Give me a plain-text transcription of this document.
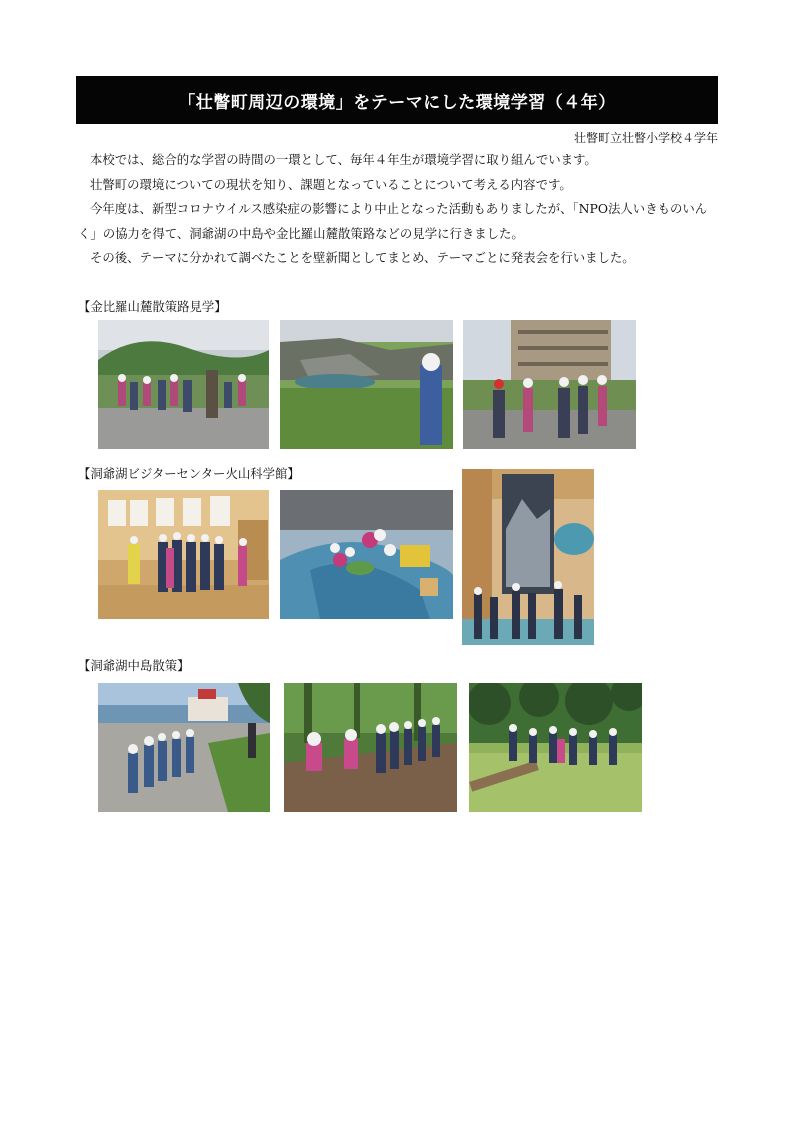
「壮瞥町周辺の環境」をテーマにした環境学習（４年）
壮瞥町立壮瞥小学校４学年

本校では、総合的な学習の時間の一環として、毎年４年生が環境学習に取り組んでいます。

壮瞥町の環境についての現状を知り、課題となっていることについて考える内容です。

今年度は、新型コロナウイルス感染症の影響により中止となった活動もありましたが、「NPO法人いきものいんく」の協力を得て、洞爺湖の中島や金比羅山麓散策路などの見学に行きました。

その後、テーマに分かれて調べたことを壁新聞としてまとめ、テーマごとに発表会を行いました。

【金比羅山麓散策路見学】
【洞爺湖ビジターセンター火山科学館】
【洞爺湖中島散策】
